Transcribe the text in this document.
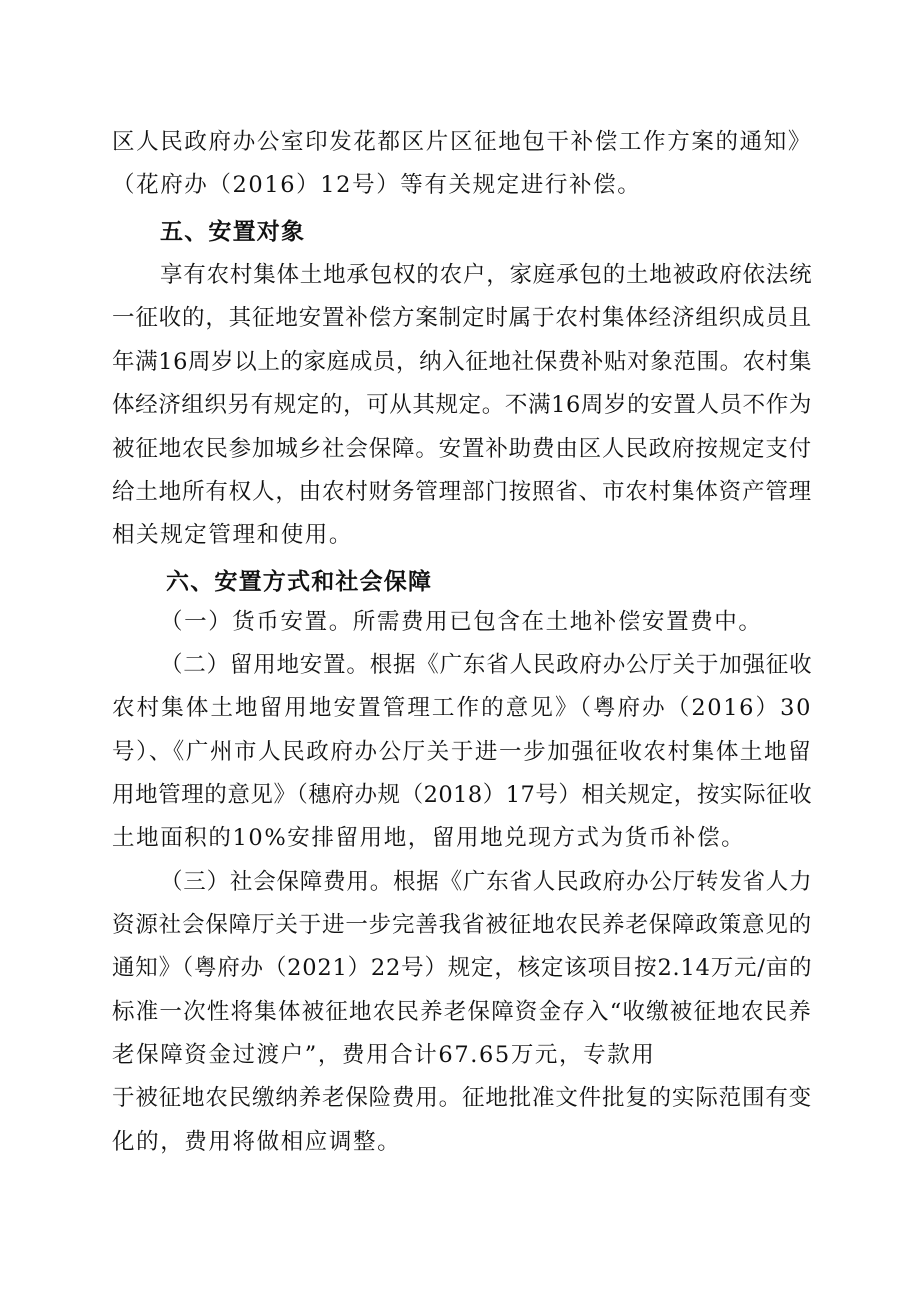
区人民政府办公室印发花都区片区征地包干补偿工作方案的通知》
（花府办（2016）12号）等有关规定进行补偿。
五、安置对象
享有农村集体土地承包权的农户，家庭承包的土地被政府依法统
一征收的，其征地安置补偿方案制定时属于农村集体经济组织成员且
年满16周岁以上的家庭成员，纳入征地社保费补贴对象范围。农村集
体经济组织另有规定的，可从其规定。不满16周岁的安置人员不作为
被征地农民参加城乡社会保障。安置补助费由区人民政府按规定支付
给土地所有权人，由农村财务管理部门按照省、市农村集体资产管理
相关规定管理和使用。
六、安置方式和社会保障
（一）货币安置。所需费用已包含在土地补偿安置费中。
（二）留用地安置。根据《广东省人民政府办公厅关于加强征收
农村集体土地留用地安置管理工作的意见》（粤府办（2016）30
号）、《广州市人民政府办公厅关于进一步加强征收农村集体土地留
用地管理的意见》（穗府办规（2018）17号）相关规定，按实际征收
土地面积的10%安排留用地，留用地兑现方式为货币补偿。
（三）社会保障费用。根据《广东省人民政府办公厅转发省人力
资源社会保障厅关于进一步完善我省被征地农民养老保障政策意见的
通知》（粤府办（2021）22号）规定，核定该项目按2.14万元/亩的
标准一次性将集体被征地农民养老保障资金存入“收缴被征地农民养
老保障资金过渡户”，费用合计67.65万元，专款用
于被征地农民缴纳养老保险费用。征地批准文件批复的实际范围有变
化的，费用将做相应调整。
